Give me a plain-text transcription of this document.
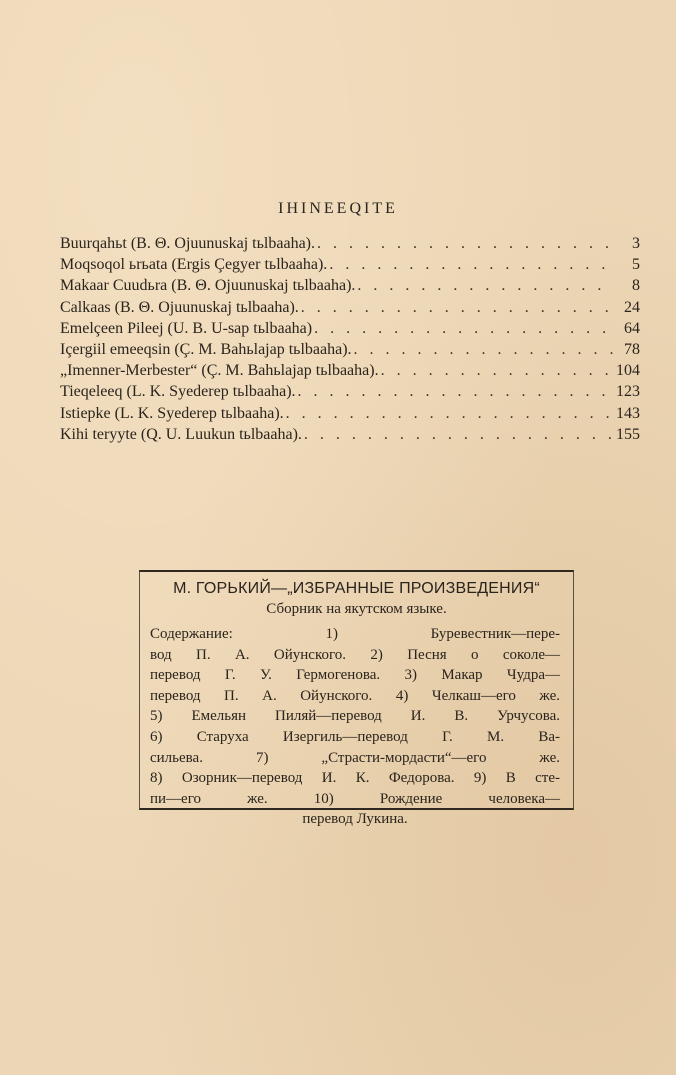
IHINEEQITE
Buurqahьt (B. Θ. Ojuunuskaj tьlbaaha). . . .	3
Moqsoqol ьrьata (Ergis Çegyer tьlbaaha). . . .	5
Makaar Cuudьra (B. Θ. Ojuunuskaj tьlbaaha). . . .	8
Calkaas (B. Θ. Ojuunuskaj tьlbaaha). . . .	24
Emelçeen Pileej (U. B. U-sap tьlbaaha) . . .	64
Içergiil emeeqsin (Ç. M. Bahьlajap tьlbaaha). . . .	78
„Imenner-Merbester“ (Ç. M. Bahьlajap tьlbaaha). . . .	104
Tieqeleeq (L. K. Syederep tьlbaaha). . . .	123
Istiepke (L. K. Syederep tьlbaaha). . . .	143
Kihi teryyte (Q. U. Luukun tьlbaaha). . . .	155
М. ГОРЬКИЙ—„ИЗБРАННЫЕ ПРОИЗВЕДЕНИЯ“
Сборник на якутском языке.
Содержание: 1) Буревестник—пере-
вод П. А. Ойунского. 2) Песня о соколе—
перевод Г. У. Гермогенова. 3) Макар Чудра—
перевод П. А. Ойунского. 4) Челкаш—его же.
5) Емельян Пиляй—перевод И. В. Урчусова.
6) Старуха Изергиль—перевод Г. М. Ва-
сильева. 7) „Страсти-мордасти“—его же.
8) Озорник—перевод И. К. Федорова. 9) В сте-
пи—его же. 10) Рождение человека—
перевод Лукина.
